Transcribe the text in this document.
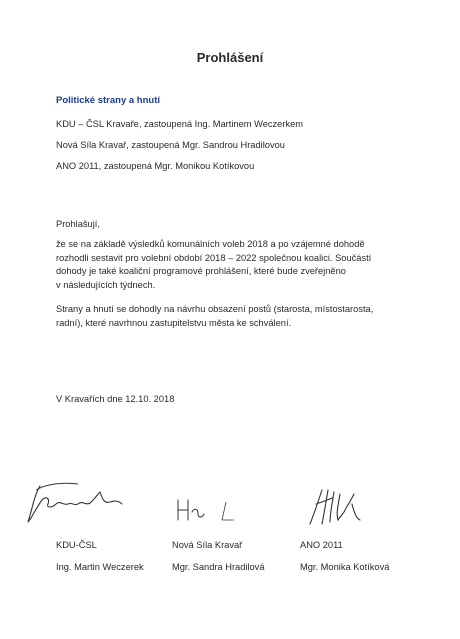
Prohlášení
Politické strany a hnutí
KDU – ČSL Kravaře, zastoupená Ing. Martinem Weczerkem
Nová Síla Kravař, zastoupená Mgr. Sandrou Hradilovou
ANO 2011, zastoupená Mgr. Monikou Kotíkovou
Prohlašují,
že se na základě výsledků komunálních voleb 2018 a po vzájemné dohodě
rozhodli sestavit pro volební období 2018 – 2022 společnou koalici. Součástí
dohody je také koaliční programové prohlášení, které bude zveřejněno
v následujících týdnech.
Strany a hnutí se dohodly na návrhu obsazení postů (starosta, místostarosta,
radní), které navrhnou zastupitelstvu města ke schválení.
V Kravařích dne 12.10. 2018
KDU-ČSL
Ing. Martin Weczerek
Nová Síla Kravař
Mgr. Sandra Hradilová
ANO 2011
Mgr. Monika Kotíková
